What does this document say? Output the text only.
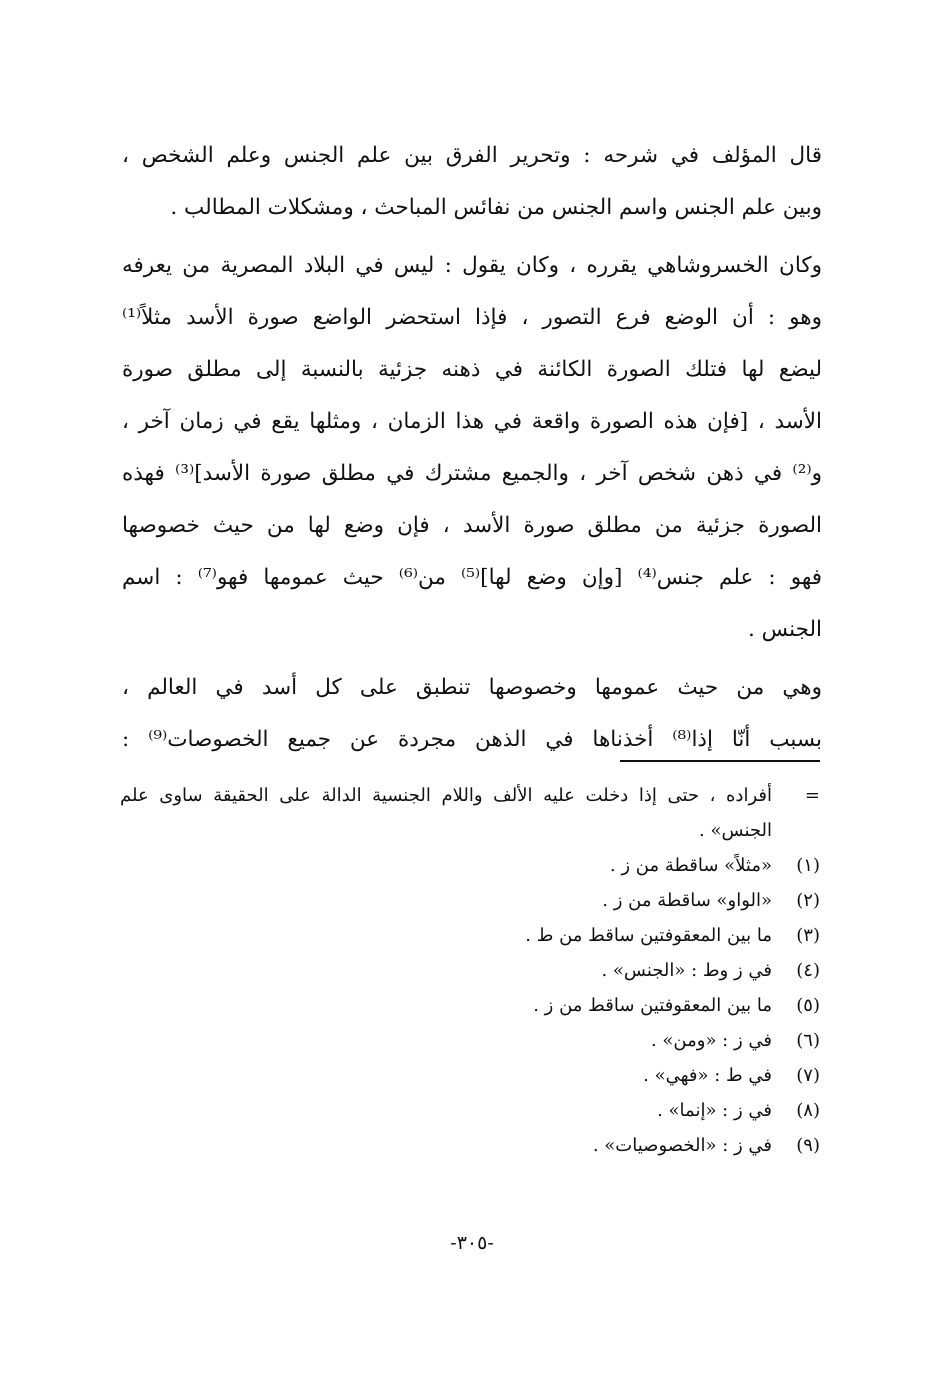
قال المؤلف في شرحه : وتحرير الفرق بين علم الجنس وعلم الشخص ،
وبين علم الجنس واسم الجنس من نفائس المباحث ، ومشكلات المطالب .

وكان الخسروشاهي يقرره ، وكان يقول : ليس في البلاد المصرية من يعرفه
وهو : أن الوضع فرع التصور ، فإذا استحضر الواضع صورة الأسد مثلاً⁽¹⁾
ليضع لها فتلك الصورة الكائنة في ذهنه جزئية بالنسبة إلى مطلق صورة
الأسد ، [فإن هذه الصورة واقعة في هذا الزمان ، ومثلها يقع في زمان آخر ،
و⁽²⁾ في ذهن شخص آخر ، والجميع مشترك في مطلق صورة الأسد]⁽³⁾ فهذه
الصورة جزئية من مطلق صورة الأسد ، فإن وضع لها من حيث خصوصها
فهو : علم جنس⁽⁴⁾ [وإن وضع لها]⁽⁵⁾ من⁽⁶⁾ حيث عمومها فهو⁽⁷⁾ : اسم
الجنس .

وهي من حيث عمومها وخصوصها تنطبق على كل أسد في العالم ،
بسبب أنّا إذا⁽⁸⁾ أخذناها في الذهن مجردة عن جميع الخصوصات⁽⁹⁾ :

=
أفراده ، حتى إذا دخلت عليه الألف واللام الجنسية الدالة على الحقيقة ساوى علم الجنس» .
(١)
«مثلاً» ساقطة من ز .
(٢)
«الواو» ساقطة من ز .
(٣)
ما بين المعقوفتين ساقط من ط .
(٤)
في ز وط : «الجنس» .
(٥)
ما بين المعقوفتين ساقط من ز .
(٦)
في ز : «ومن» .
(٧)
في ط : «فهي» .
(٨)
في ز : «إنما» .
(٩)
في ز : «الخصوصيات» .
-٣٠٥-
